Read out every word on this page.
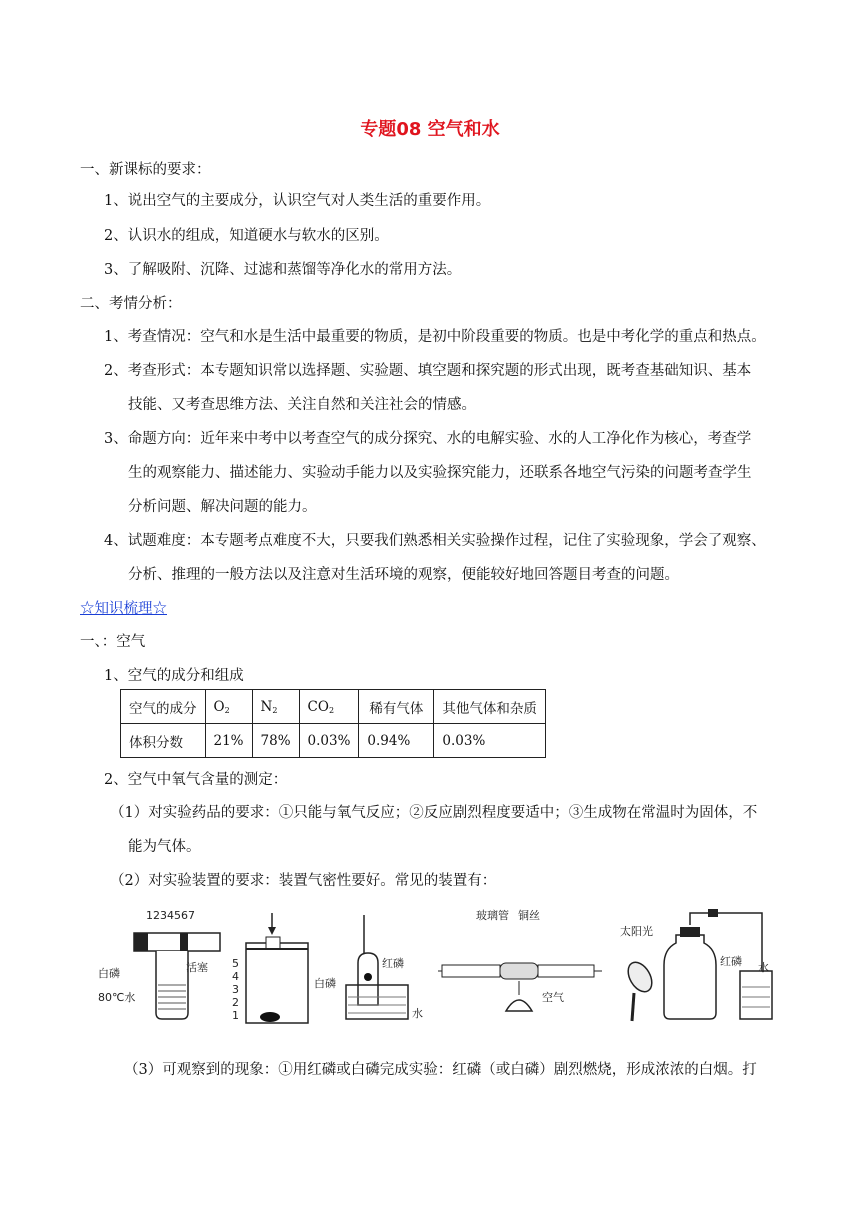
专题08 空气和水
一、新课标的要求：
1、说出空气的主要成分，认识空气对人类生活的重要作用。
2、认识水的组成，知道硬水与软水的区别。
3、了解吸附、沉降、过滤和蒸馏等净化水的常用方法。
二、考情分析：
1、考查情况：空气和水是生活中最重要的物质，是初中阶段重要的物质。也是中考化学的重点和热点。
2、考查形式：本专题知识常以选择题、实验题、填空题和探究题的形式出现，既考查基础知识、基本
技能、又考查思维方法、关注自然和关注社会的情感。
3、命题方向：近年来中考中以考查空气的成分探究、水的电解实验、水的人工净化作为核心，考查学
生的观察能力、描述能力、实验动手能力以及实验探究能力，还联系各地空气污染的问题考查学生
分析问题、解决问题的能力。
4、试题难度：本专题考点难度不大，只要我们熟悉相关实验操作过程，记住了实验现象，学会了观察、
分析、推理的一般方法以及注意对生活环境的观察，便能较好地回答题目考查的问题。
☆知识梳理☆
一、：空气
1、空气的成分和组成
空气的成分	$O_2$	$N_2$	$CO_2$	稀有气体	其他气体和杂质
体积分数	21%	78%	0.03%	0.94%	0.03%
2、空气中氧气含量的测定：
（1）对实验药品的要求：①只能与氧气反应；②反应剧烈程度要适中；③生成物在常温时为固体，不
能为气体。
（2）对实验装置的要求：装置气密性要好。常见的装置有：
1234567
白磷	活塞
80℃水
5
4
3
2
1
白磷
红磷
水
玻璃管 铜丝
空气
太阳光
红磷 水
（3）可观察到的现象：①用红磷或白磷完成实验：红磷（或白磷）剧烈燃烧，形成浓浓的白烟。打
